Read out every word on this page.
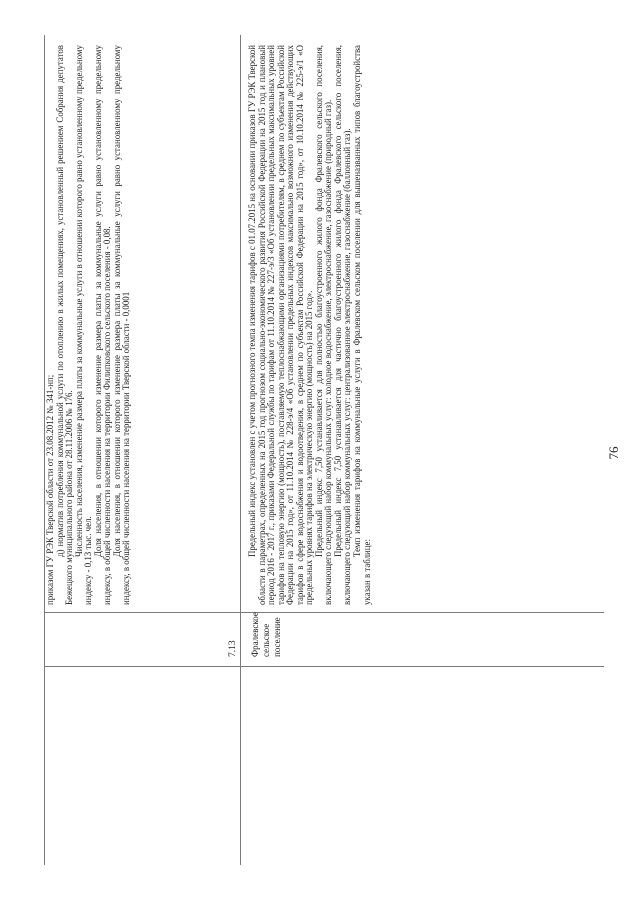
76
7.13 Фралевское сельское поселение

приказом ГУ РЭК Тверской области от 23.08.2012 № 341-нп; д) норматив потребления коммунальной услуги по отоплению в жилых помещениях, установленный решением Собрания депутатов Бежецкого муниципального района от 28.11.2006 № 176. Численность населения, изменение размера платы за коммунальные услуги в отношении которого равно установленному предельному индексу - 0,13 тыс. чел.

Доля населения, в отношении которого изменение размера платы за коммунальные услуги равно установленному предельному индексу, в общей численности населения на территории Филипковского сельского поселения - 0,08. Доля населения, в отношении которого изменение размера платы за коммунальные услуги равно установленному предельному индексу, в общей численности населения на территории Тверской области - 0,0001	Предельный индекс установлен с учетом прогнозного темпа изменения тарифов с 01.07.2015 на основании приказов ГУ РЭК Тверской области в параметрах, определенных на 2015 год прогнозом социально-экономического развития Российской Федерации на 2015 год и плановый период 2016 - 2017 г., приказами Федеральной службы по тарифам от 11.10.2014 № 227-э/3 «Об установлении предельных максимальных уровней тарифов на тепловую энергию (мощность), поставляемую теплоснабжающими организациями потребителям, в среднем по субъектам Российской Федерации на 2015 год», от 11.10.2014 № 228-э/4 «Об установлении предельных индексов максимально возможного изменения действующих тарифов в сфере водоснабжения и водоотведения, в среднем по субъектам Российской Федерации на 2015 год», от 10.10.2014 № 225-э/1 «О предельных уровнях тарифов на электрическую энергию (мощность) на 2015 год». Предельный индекс 7,50 устанавливается для полностью благоустроенного жилого фонда Фралевского сельского поселения, включающего следующий набор коммунальных услуг: холодное водоснабжение, электроснабжение, газоснабжение (природный газ). Предельный индекс 7,50 устанавливается для частично благоустроенного жилого фонда Фралевского сельского поселения, включающего следующий набор коммунальных услуг: централизованное электроснабжение, газоснабжение (баллонный газ). Темп изменения тарифов на коммунальные услуги в Фралевском сельском поселении для вышеназванных типов благоустройства указан в таблице:
